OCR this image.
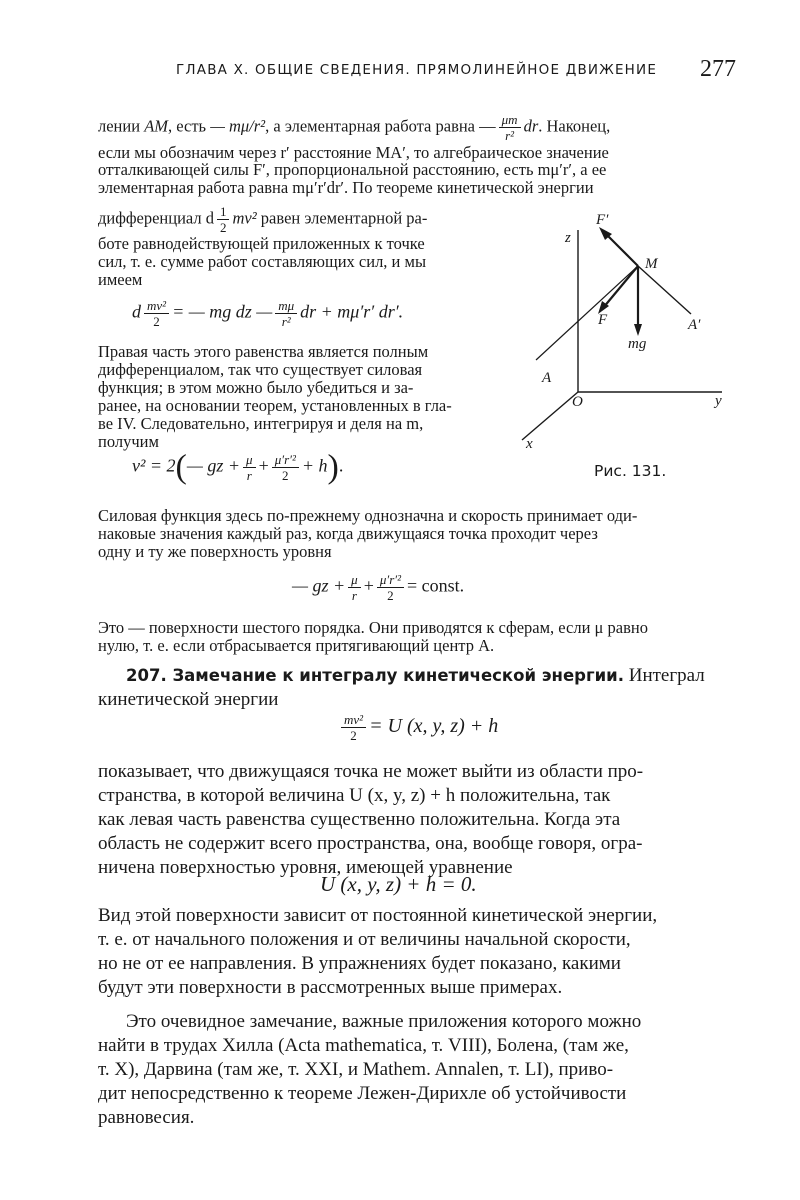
ГЛАВА X. ОБЩИЕ СВЕДЕНИЯ. ПРЯМОЛИНЕЙНОЕ ДВИЖЕНИЕ	277
лении AM, есть — mμ/r², а элементарная работа равна — $\frac{\mu m}{\text{r²}}$ dr. Наконец,
если мы обозначим через r′ расстояние MA′, то алгебраическое значение
отталкивающей силы F′, пропорциональной расстоянию, есть mμ′r′, а ее
элементарная работа равна mμ′r′dr′. По теореме кинетической энергии
дифференциал d $\frac{1}{2} mv^2$ равен элементарной ра-
боте равнодействующей приложенных к точке
сил, т. е. сумме работ составляющих сил, и мы
имеем
d $\frac{\text{mv²}}{2}$ = — mg dz — $\frac{m\mu}{\text{r²}}$ dr + mμ′r′ dr′.
Правая часть этого равенства является полным
дифференциалом, так что существует силовая
функция; в этом можно было убедиться и за-
ранее, на основании теорем, установленных в гла-
ве IV. Следовательно, интегрируя и деля на m,
получим
v² = 2(— gz + $\frac{\mu}{r} + \frac{\text{μ′r′²}}{2} + h$).
z
y
x
O
A
A′
M
F
F′
mg
Рис. 131.
Силовая функция здесь по-прежнему однозначна и скорость принимает оди-
наковые значения каждый раз, когда движущаяся точка проходит через
одну и ту же поверхность уровня
— gz + $\frac{\mu}{r} + \frac{\text{μ′r′²}}{2}$ = const.
Это — поверхности шестого порядка. Они приводятся к сферам, если μ равно
нулю, т. е. если отбрасывается притягивающий центр A.
207. Замечание к интегралу кинетической энергии. Интеграл
кинетической энергии
$\frac{\text{mv²}}{2} = U$ (x, y, z) + h
показывает, что движущаяся точка не может выйти из области про-
странства, в которой величина U (x, y, z) + h положительна, так
как левая часть равенства существенно положительна. Когда эта
область не содержит всего пространства, она, вообще говоря, огра-
ничена поверхностью уровня, имеющей уравнение
U (x, y, z) + h = 0.
Вид этой поверхности зависит от постоянной кинетической энергии,
т. е. от начального положения и от величины начальной скорости,
но не от ее направления. В упражнениях будет показано, какими
будут эти поверхности в рассмотренных выше примерах.
Это очевидное замечание, важные приложения которого можно
найти в трудах Хилла (Acta mathematica, т. VIII), Болена, (там же,
т. X), Дарвина (там же, т. XXI, и Mathem. Annalen, т. LI), приво-
дит непосредственно к теореме Лежен-Дирихле об устойчивости
равновесия.
